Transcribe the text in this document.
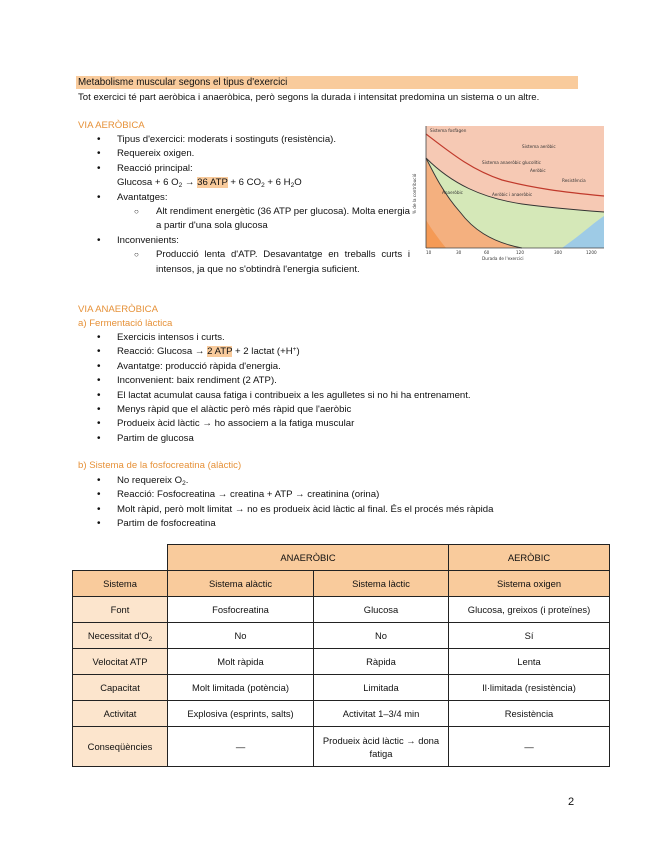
Metabolisme muscular segons el tipus d'exercici
Tot exercici té part aeròbica i anaeròbica, però segons la durada i intensitat predomina un sistema o un altre.
VIA AERÒBICA
• Tipus d'exercici: moderats i sostinguts (resistència).
• Requereix oxigen.
• Reacció principal:
Glucosa + 6 $O_2 \to 36$ ATP + 6 $CO_2 + 6$ $H_2O$
• Avantatges:
○ Alt rendiment energètic (36 ATP per glucosa). Molta energia a partir d'una sola glucosa
• Inconvenients:
○ Producció lenta d'ATP. Desavantatge en treballs curts i intensos, ja que no s'obtindrà l'energia suficient.
Sistema fosfàgen
Sistema aeròbic
Resistència
Anaeròbic
Aeròbic
Sistema anaeròbic glucolític
Aeròbic i anaeròbic
Durada de l'exercici
% de la contribució
10	30	60	120	300	1200
VIA ANAERÒBICA
a) Fermentació làctica
• Exercicis intensos i curts.
• Reacció: Glucosa → 2 ATP + 2 lactat (+H+)
• Avantatge: producció ràpida d'energia.
• Inconvenient: baix rendiment (2 ATP).
• El lactat acumulat causa fatiga i contribueix a les agulletes si no hi ha entrenament.
• Menys ràpid que el alàctic però més ràpid que l'aeròbic
• Produeix àcid làctic → ho associem a la fatiga muscular
• Partim de glucosa
b) Sistema de la fosfocreatina (alàctic)
• No requereix $O_2$.
• Reacció: Fosfocreatina → creatina + ATP → creatinina (orina)
• Molt ràpid, però molt limitat → no es produeix àcid làctic al final. És el procés més ràpida
• Partim de fosfocreatina
	ANAERÒBIC		AERÒBIC
Sistema	Sistema alàctic	Sistema làctic	Sistema oxigen
Font	Fosfocreatina	Glucosa	Glucosa, greixos (i proteïnes)
Necessitat $d'O_2$	No	No	Sí
Velocitat ATP	Molt ràpida	Ràpida	Lenta
Capacitat	Molt limitada (potència)	Limitada	Il·limitada (resistència)
Activitat	Explosiva (esprints, salts)	Activitat 1–3/4 min	Resistència
Conseqüències	—	Produeix àcid làctic → dona fatiga	—
2
